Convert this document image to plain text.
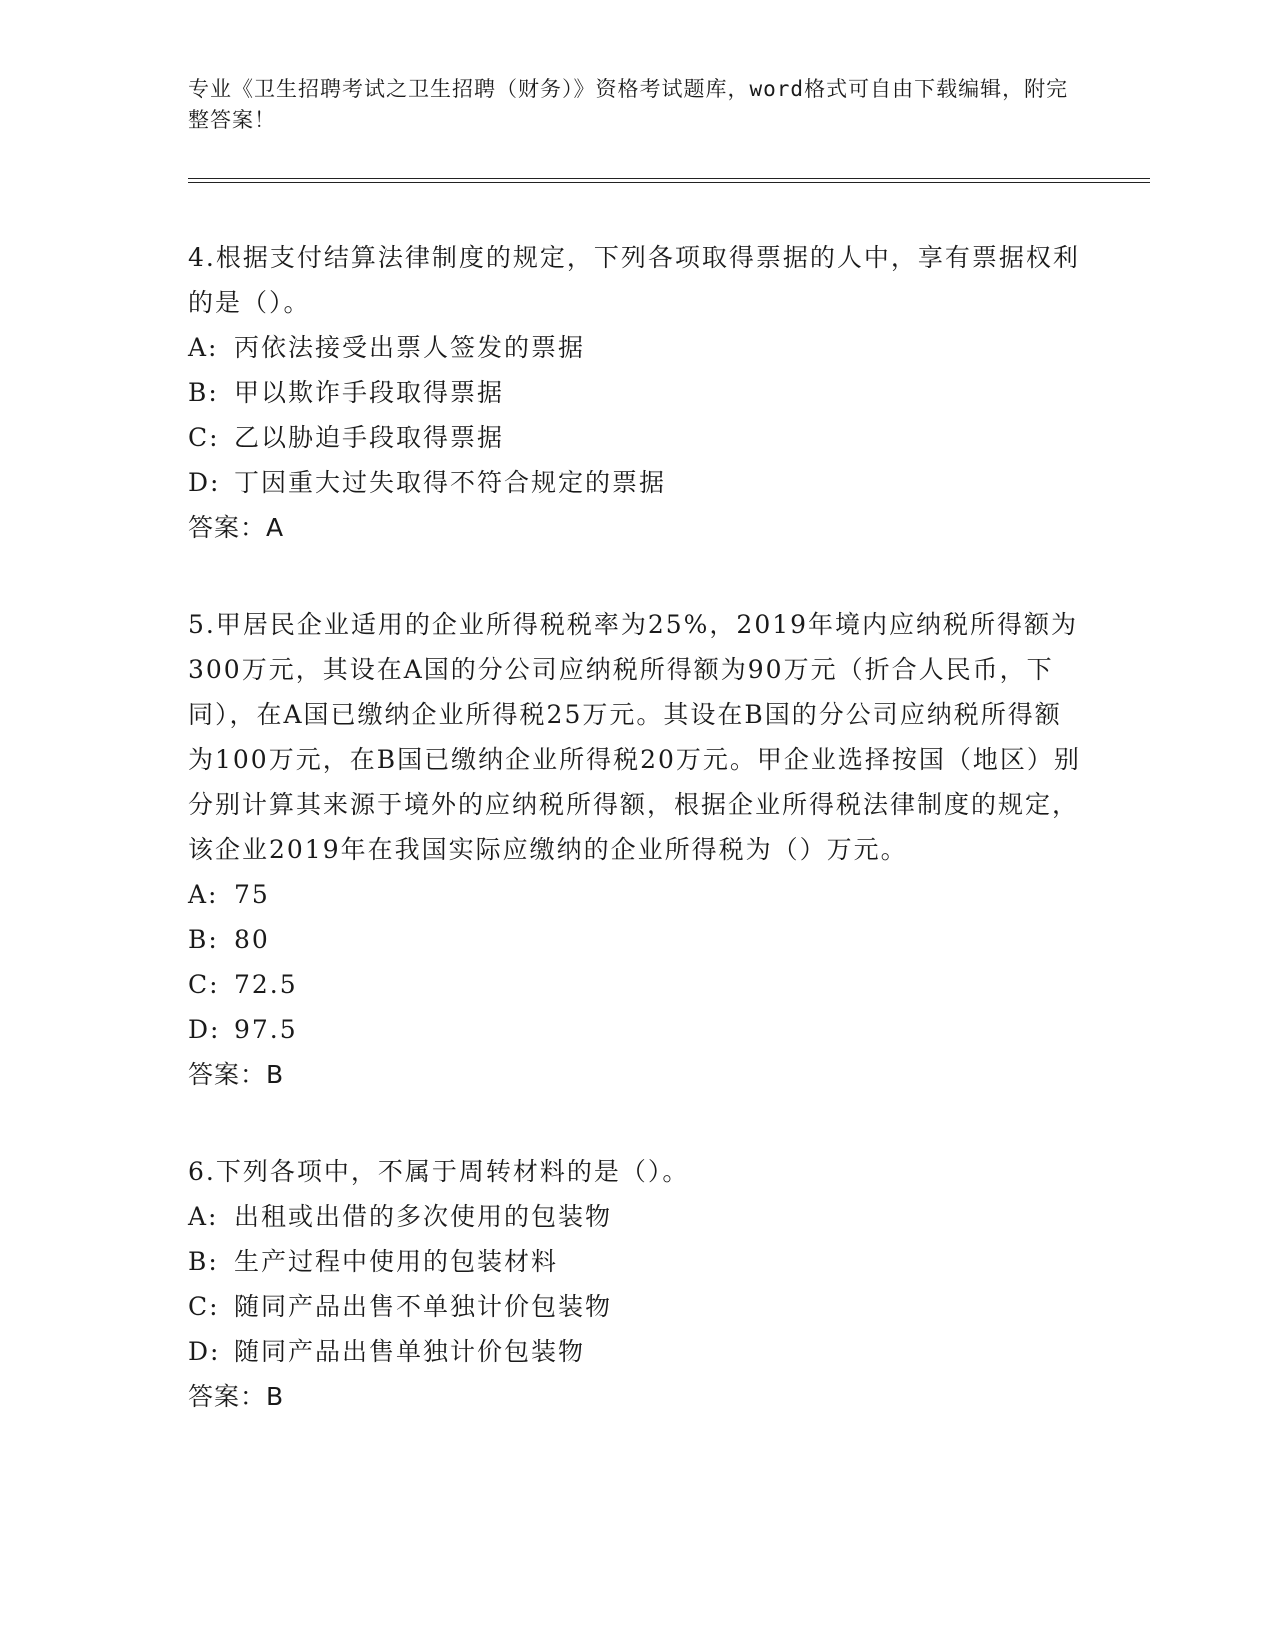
专业《卫生招聘考试之卫生招聘（财务）》资格考试题库，word格式可自由下载编辑，附完整答案！

4.根据支付结算法律制度的规定，下列各项取得票据的人中，享有票据权利的是（）。

A: 丙依法接受出票人签发的票据

B: 甲以欺诈手段取得票据

C: 乙以胁迫手段取得票据

D: 丁因重大过失取得不符合规定的票据

答案：A

5.甲居民企业适用的企业所得税税率为25%，2019年境内应纳税所得额为300万元，其设在A国的分公司应纳税所得额为90万元（折合人民币，下同），在A国已缴纳企业所得税25万元。其设在B国的分公司应纳税所得额为100万元，在B国已缴纳企业所得税20万元。甲企业选择按国（地区）别分别计算其来源于境外的应纳税所得额，根据企业所得税法律制度的规定，该企业2019年在我国实际应缴纳的企业所得税为（）万元。

A: 75

B: 80

C: 72.5

D: 97.5

答案：B

6.下列各项中，不属于周转材料的是（）。

A: 出租或出借的多次使用的包装物

B: 生产过程中使用的包装材料

C: 随同产品出售不单独计价包装物

D: 随同产品出售单独计价包装物

答案：B
